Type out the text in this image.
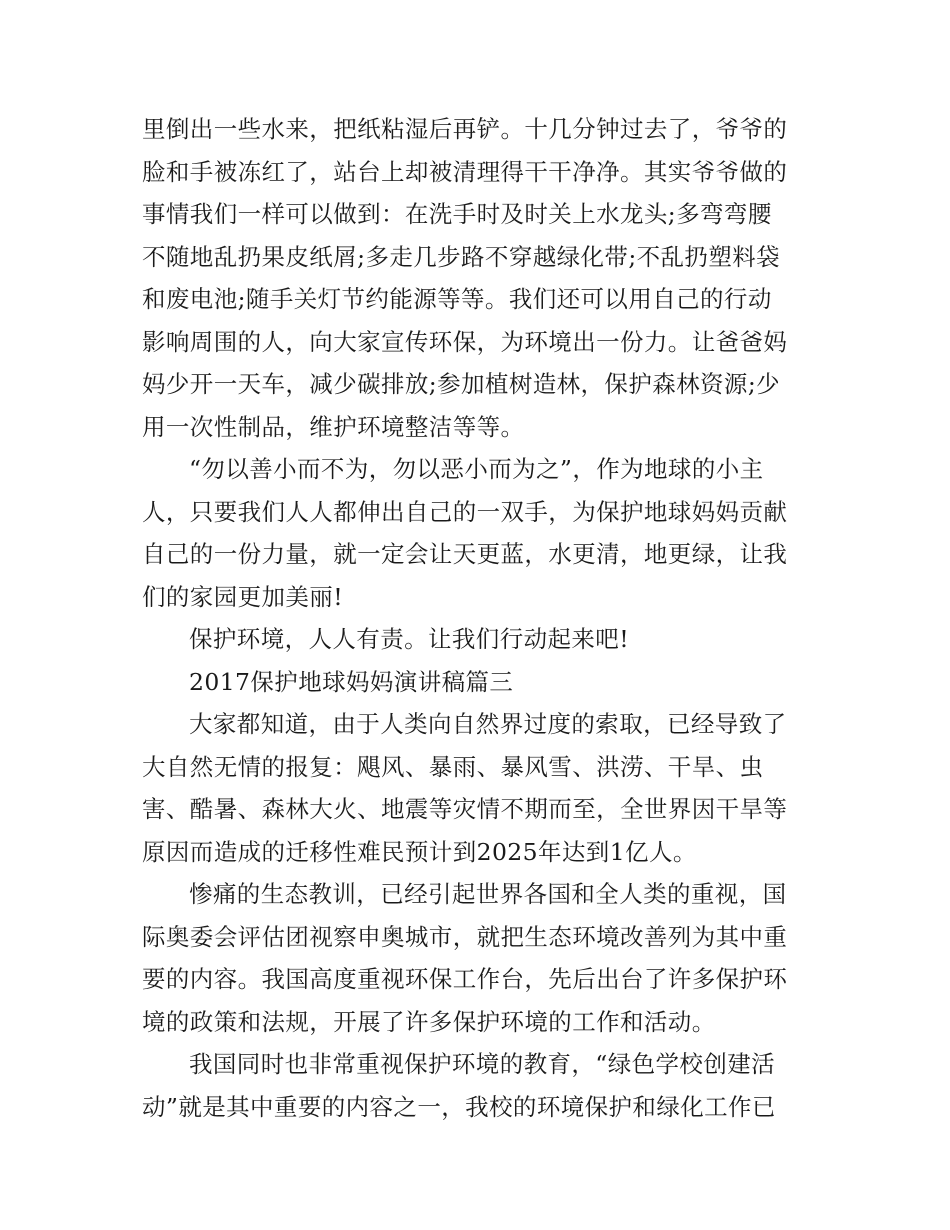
里倒出一些水来，把纸粘湿后再铲。十几分钟过去了，爷爷的
脸和手被冻红了，站台上却被清理得干干净净。其实爷爷做的
事情我们一样可以做到：在洗手时及时关上水龙头;多弯弯腰
不随地乱扔果皮纸屑;多走几步路不穿越绿化带;不乱扔塑料袋
和废电池;随手关灯节约能源等等。我们还可以用自己的行动
影响周围的人，向大家宣传环保，为环境出一份力。让爸爸妈
妈少开一天车，减少碳排放;参加植树造林，保护森林资源;少
用一次性制品，维护环境整洁等等。
“勿以善小而不为，勿以恶小而为之”，作为地球的小主
人，只要我们人人都伸出自己的一双手，为保护地球妈妈贡献
自己的一份力量，就一定会让天更蓝，水更清，地更绿，让我
们的家园更加美丽!
保护环境，人人有责。让我们行动起来吧!
2017保护地球妈妈演讲稿篇三
大家都知道，由于人类向自然界过度的索取，已经导致了
大自然无情的报复：飓风、暴雨、暴风雪、洪涝、干旱、虫
害、酷暑、森林大火、地震等灾情不期而至，全世界因干旱等
原因而造成的迁移性难民预计到2025年达到1亿人。
惨痛的生态教训，已经引起世界各国和全人类的重视，国
际奥委会评估团视察申奥城市，就把生态环境改善列为其中重
要的内容。我国高度重视环保工作台，先后出台了许多保护环
境的政策和法规，开展了许多保护环境的工作和活动。
我国同时也非常重视保护环境的教育，“绿色学校创建活
动”就是其中重要的内容之一，我校的环境保护和绿化工作已
